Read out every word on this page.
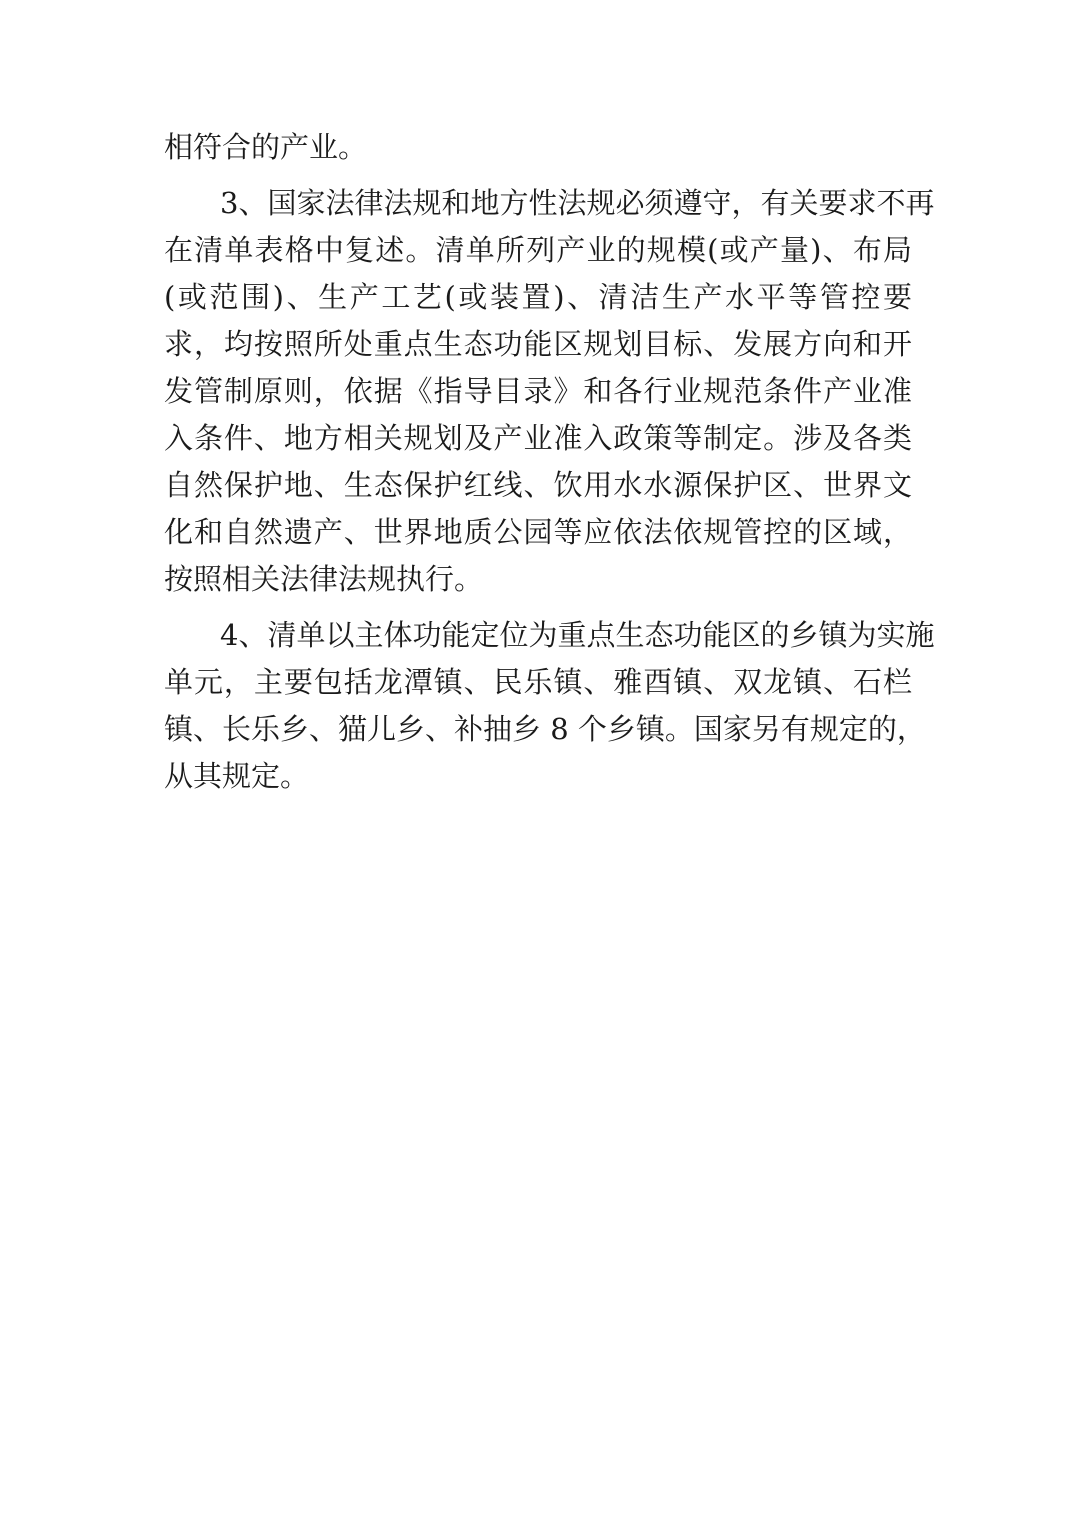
相符合的产业。
3、国家法律法规和地方性法规必须遵守，有关要求不再
在清单表格中复述。清单所列产业的规模(或产量)、布局
(或范围)、生产工艺(或装置)、清洁生产水平等管控要
求，均按照所处重点生态功能区规划目标、发展方向和开
发管制原则，依据《指导目录》和各行业规范条件产业准
入条件、地方相关规划及产业准入政策等制定。涉及各类
自然保护地、生态保护红线、饮用水水源保护区、世界文
化和自然遗产、世界地质公园等应依法依规管控的区域，
按照相关法律法规执行。
4、清单以主体功能定位为重点生态功能区的乡镇为实施
单元，主要包括龙潭镇、民乐镇、雅酉镇、双龙镇、石栏
镇、长乐乡、猫儿乡、补抽乡 8 个乡镇。国家另有规定的，
从其规定。
